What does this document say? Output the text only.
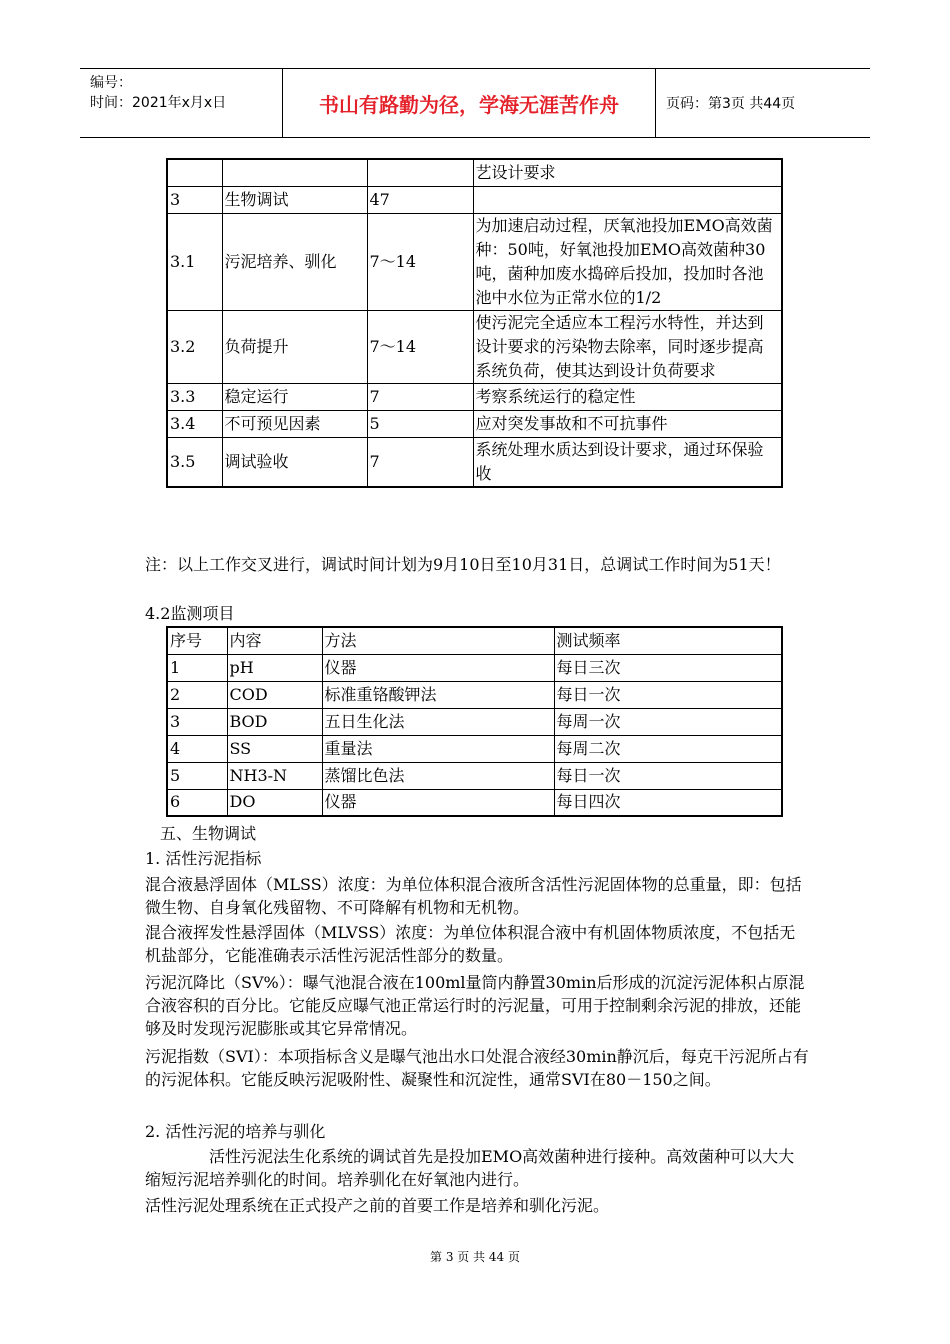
编号：
时间：2021年x月x日	书山有路勤为径，学海无涯苦作舟	页码：第3页 共44页
			艺设计要求
3	生物调试	47	
3.1	污泥培养、驯化	7～14	为加速启动过程，厌氧池投加EMO高效菌种：50吨，好氧池投加EMO高效菌种30吨，菌种加废水捣碎后投加，投加时各池池中水位为正常水位的1/2
3.2	负荷提升	7～14	使污泥完全适应本工程污水特性，并达到设计要求的污染物去除率，同时逐步提高系统负荷，使其达到设计负荷要求
3.3	稳定运行	7	考察系统运行的稳定性
3.4	不可预见因素	5	应对突发事故和不可抗事件
3.5	调试验收	7	系统处理水质达到设计要求，通过环保验收
注：以上工作交叉进行，调试时间计划为9月10日至10月31日，总调试工作时间为51天！
4.2监测项目
序号	内容	方法	测试频率
1	pH	仪器	每日三次
2	COD	标准重铬酸钾法	每日一次
3	BOD	五日生化法	每周一次
4	SS	重量法	每周二次
5	NH3-N	蒸馏比色法	每日一次
6	DO	仪器	每日四次
五、生物调试
1. 活性污泥指标
混合液悬浮固体（MLSS）浓度：为单位体积混合液所含活性污泥固体物的总重量，即：包括微生物、自身氧化残留物、不可降解有机物和无机物。
混合液挥发性悬浮固体（MLVSS）浓度：为单位体积混合液中有机固体物质浓度，不包括无机盐部分，它能准确表示活性污泥活性部分的数量。
污泥沉降比（SV%）：曝气池混合液在100ml量筒内静置30min后形成的沉淀污泥体积占原混合液容积的百分比。它能反应曝气池正常运行时的污泥量，可用于控制剩余污泥的排放，还能够及时发现污泥膨胀或其它异常情况。
污泥指数（SVI）：本项指标含义是曝气池出水口处混合液经30min静沉后，每克干污泥所占有的污泥体积。它能反映污泥吸附性、凝聚性和沉淀性，通常SVI在80－150之间。
2. 活性污泥的培养与驯化
活性污泥法生化系统的调试首先是投加EMO高效菌种进行接种。高效菌种可以大大缩短污泥培养驯化的时间。培养驯化在好氧池内进行。
活性污泥处理系统在正式投产之前的首要工作是培养和驯化污泥。
第 3 页 共 44 页
